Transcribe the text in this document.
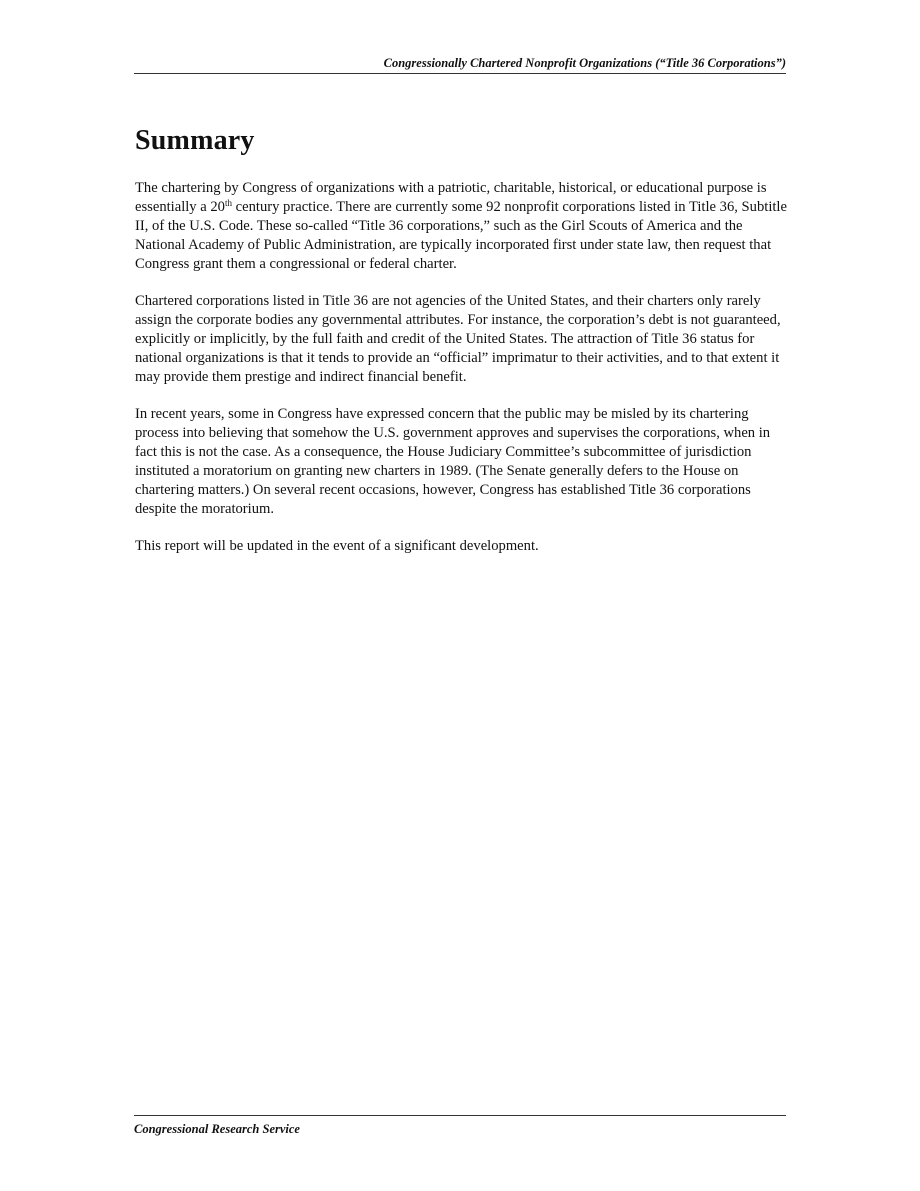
Congressionally Chartered Nonprofit Organizations (“Title 36 Corporations”)
Summary

The chartering by Congress of organizations with a patriotic, charitable, historical, or educational purpose is essentially a 20th century practice. There are currently some 92 nonprofit corporations listed in Title 36, Subtitle II, of the U.S. Code. These so-called “Title 36 corporations,” such as the Girl Scouts of America and the National Academy of Public Administration, are typically incorporated first under state law, then request that Congress grant them a congressional or federal charter.

Chartered corporations listed in Title 36 are not agencies of the United States, and their charters only rarely assign the corporate bodies any governmental attributes. For instance, the corporation’s debt is not guaranteed, explicitly or implicitly, by the full faith and credit of the United States. The attraction of Title 36 status for national organizations is that it tends to provide an “official” imprimatur to their activities, and to that extent it may provide them prestige and indirect financial benefit.

In recent years, some in Congress have expressed concern that the public may be misled by its chartering process into believing that somehow the U.S. government approves and supervises the corporations, when in fact this is not the case. As a consequence, the House Judiciary Committee’s subcommittee of jurisdiction instituted a moratorium on granting new charters in 1989. (The Senate generally defers to the House on chartering matters.) On several recent occasions, however, Congress has established Title 36 corporations despite the moratorium.

This report will be updated in the event of a significant development.

Congressional Research Service
